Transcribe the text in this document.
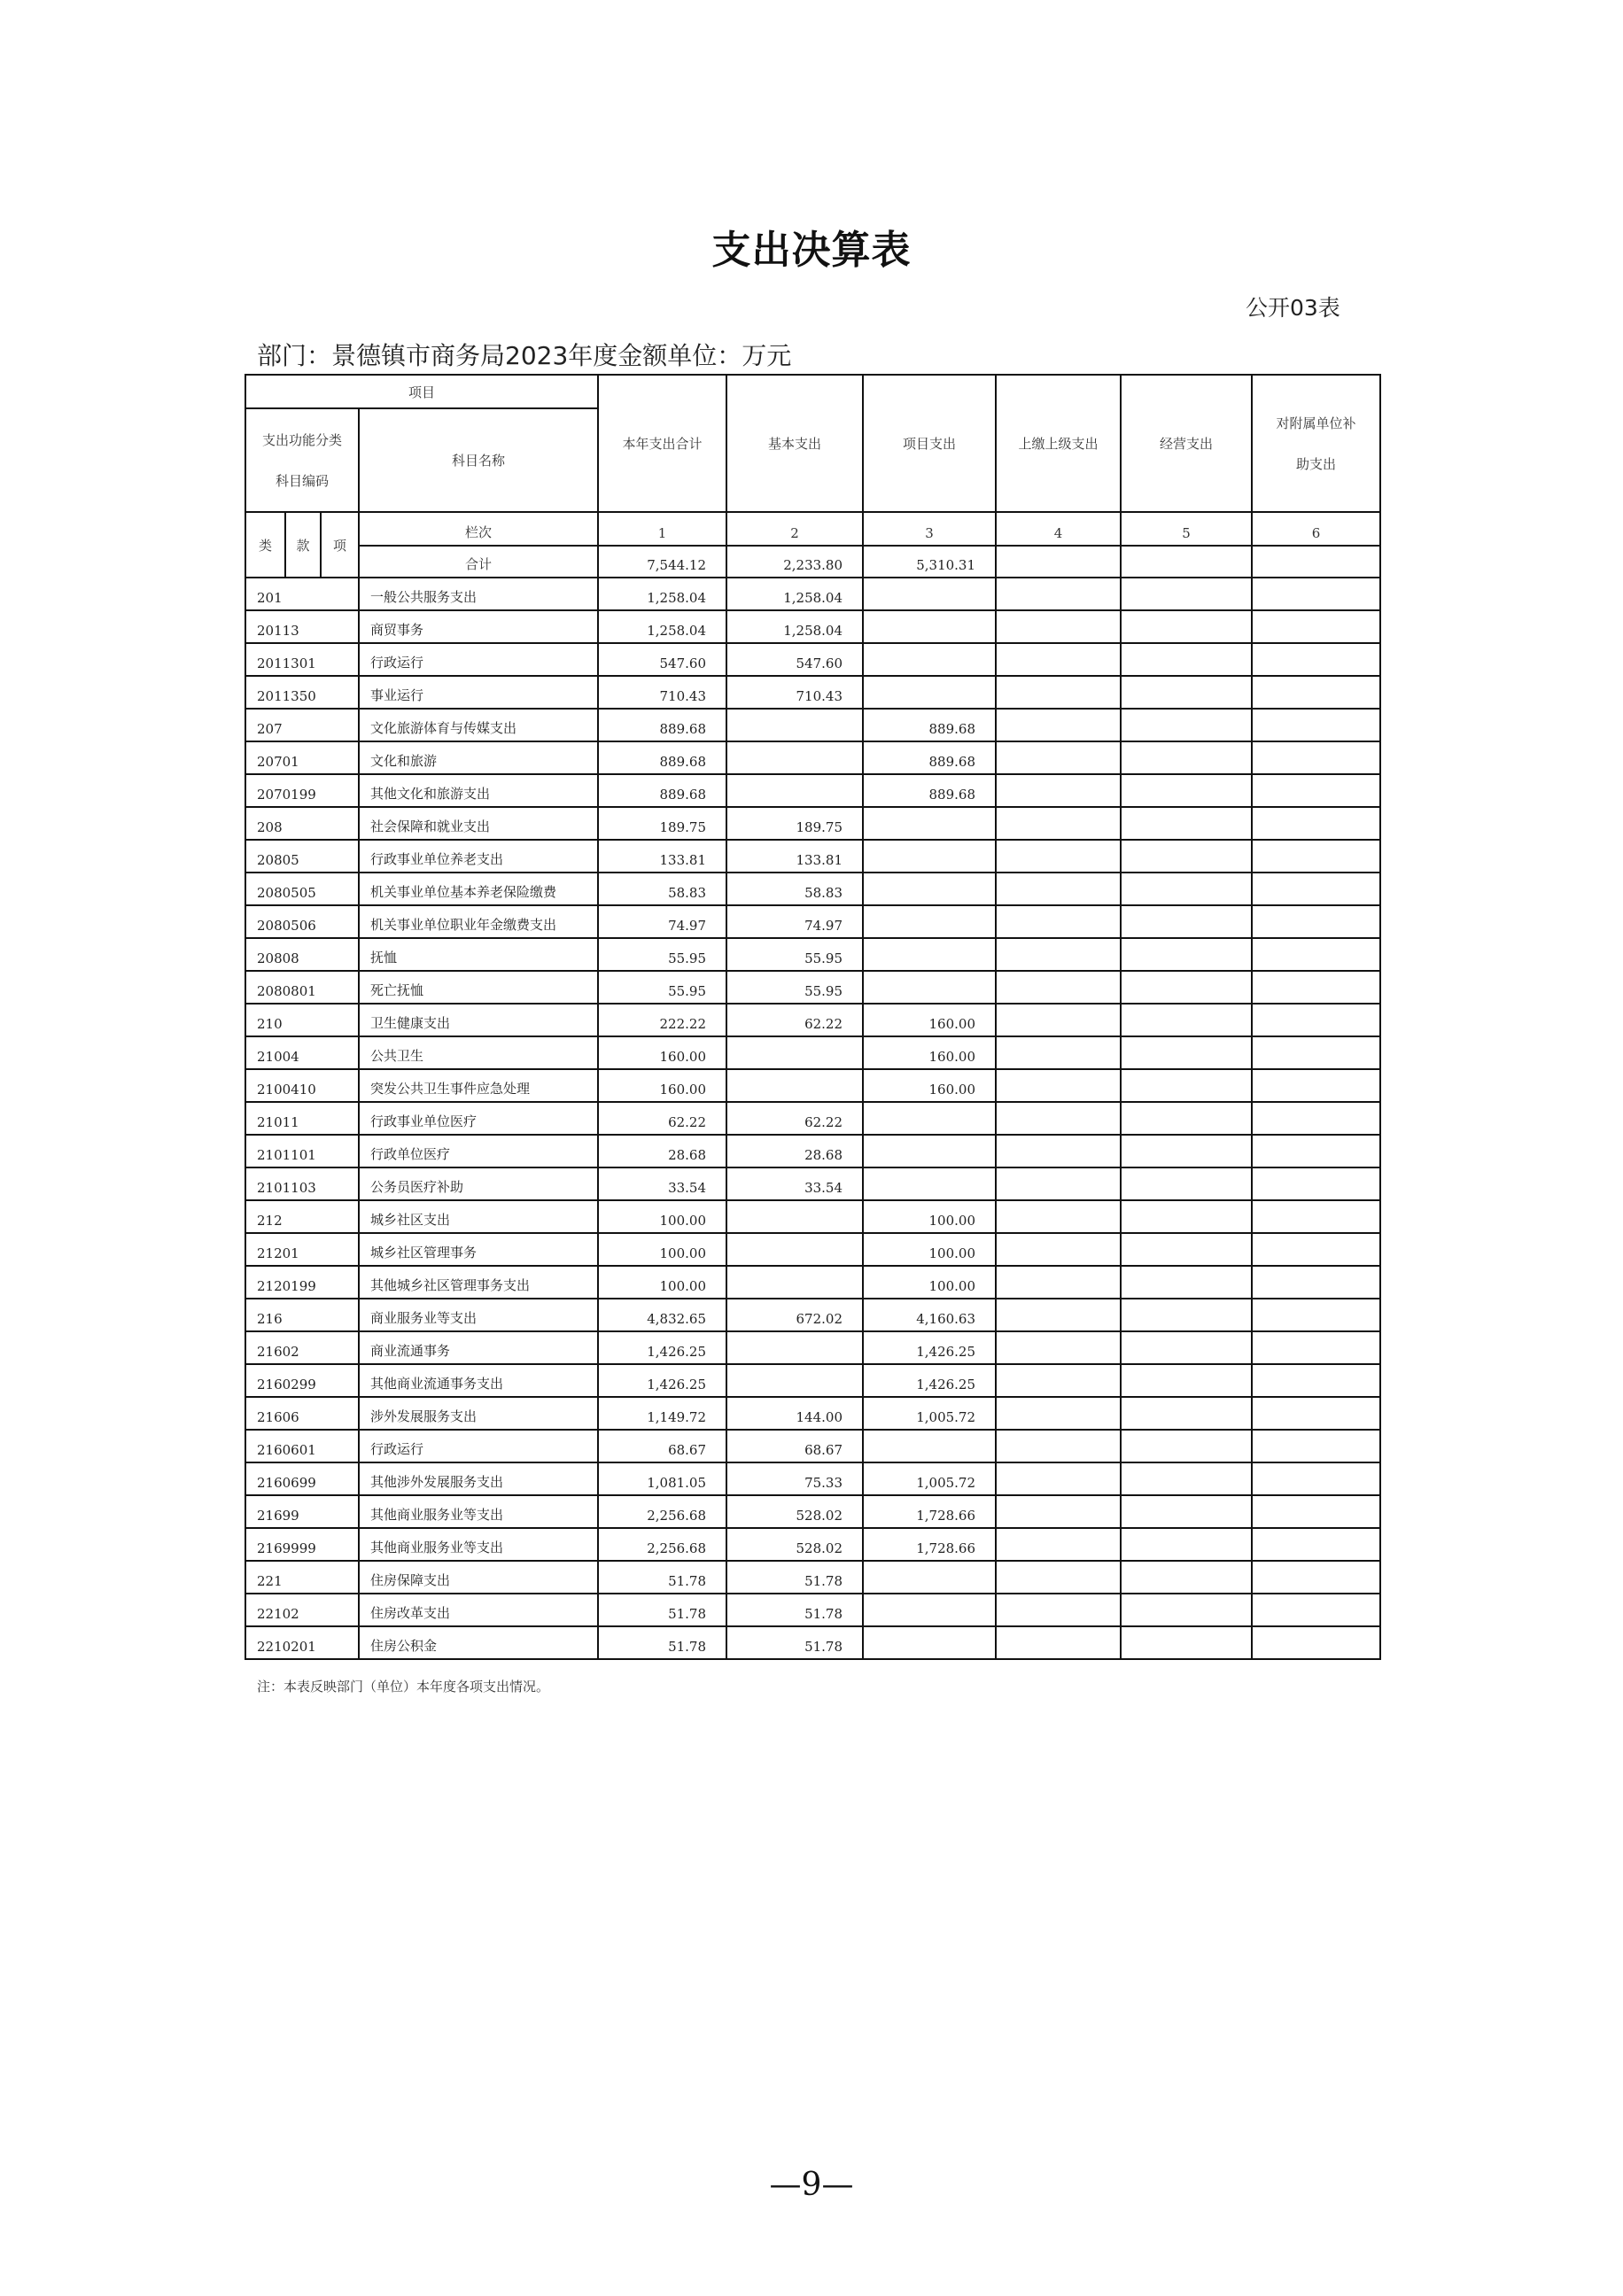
支出决算表
公开03表
部门：景德镇市商务局2023年度金额单位：万元
项目				本年支出合计	基本支出	项目支出	上缴上级支出	经营支出	对附属单位补
助支出

支出功能分类
科目编码			科目名称						
类	款	项	栏次	1	2	3	4	5	6
			合计	7,544.12	2,233.80	5,310.31			
201			一般公共服务支出	1,258.04	1,258.04				
20113			商贸事务	1,258.04	1,258.04				
2011301			行政运行	547.60	547.60				
2011350			事业运行	710.43	710.43				
207			文化旅游体育与传媒支出	889.68		889.68			
20701			文化和旅游	889.68		889.68			
2070199			其他文化和旅游支出	889.68		889.68			
208			社会保障和就业支出	189.75	189.75				
20805			行政事业单位养老支出	133.81	133.81				
2080505			机关事业单位基本养老保险缴费	58.83	58.83				
2080506			机关事业单位职业年金缴费支出	74.97	74.97				
20808			抚恤	55.95	55.95				
2080801			死亡抚恤	55.95	55.95				
210			卫生健康支出	222.22	62.22	160.00			
21004			公共卫生	160.00		160.00			
2100410			突发公共卫生事件应急处理	160.00		160.00			
21011			行政事业单位医疗	62.22	62.22				
2101101			行政单位医疗	28.68	28.68				
2101103			公务员医疗补助	33.54	33.54				
212			城乡社区支出	100.00		100.00			
21201			城乡社区管理事务	100.00		100.00			
2120199			其他城乡社区管理事务支出	100.00		100.00			
216			商业服务业等支出	4,832.65	672.02	4,160.63			
21602			商业流通事务	1,426.25		1,426.25			
2160299			其他商业流通事务支出	1,426.25		1,426.25			
21606			涉外发展服务支出	1,149.72	144.00	1,005.72			
2160601			行政运行	68.67	68.67				
2160699			其他涉外发展服务支出	1,081.05	75.33	1,005.72			
21699			其他商业服务业等支出	2,256.68	528.02	1,728.66			
2169999			其他商业服务业等支出	2,256.68	528.02	1,728.66			
221			住房保障支出	51.78	51.78				
22102			住房改革支出	51.78	51.78				
2210201			住房公积金	51.78	51.78				
注：本表反映部门（单位）本年度各项支出情况。
—9—
